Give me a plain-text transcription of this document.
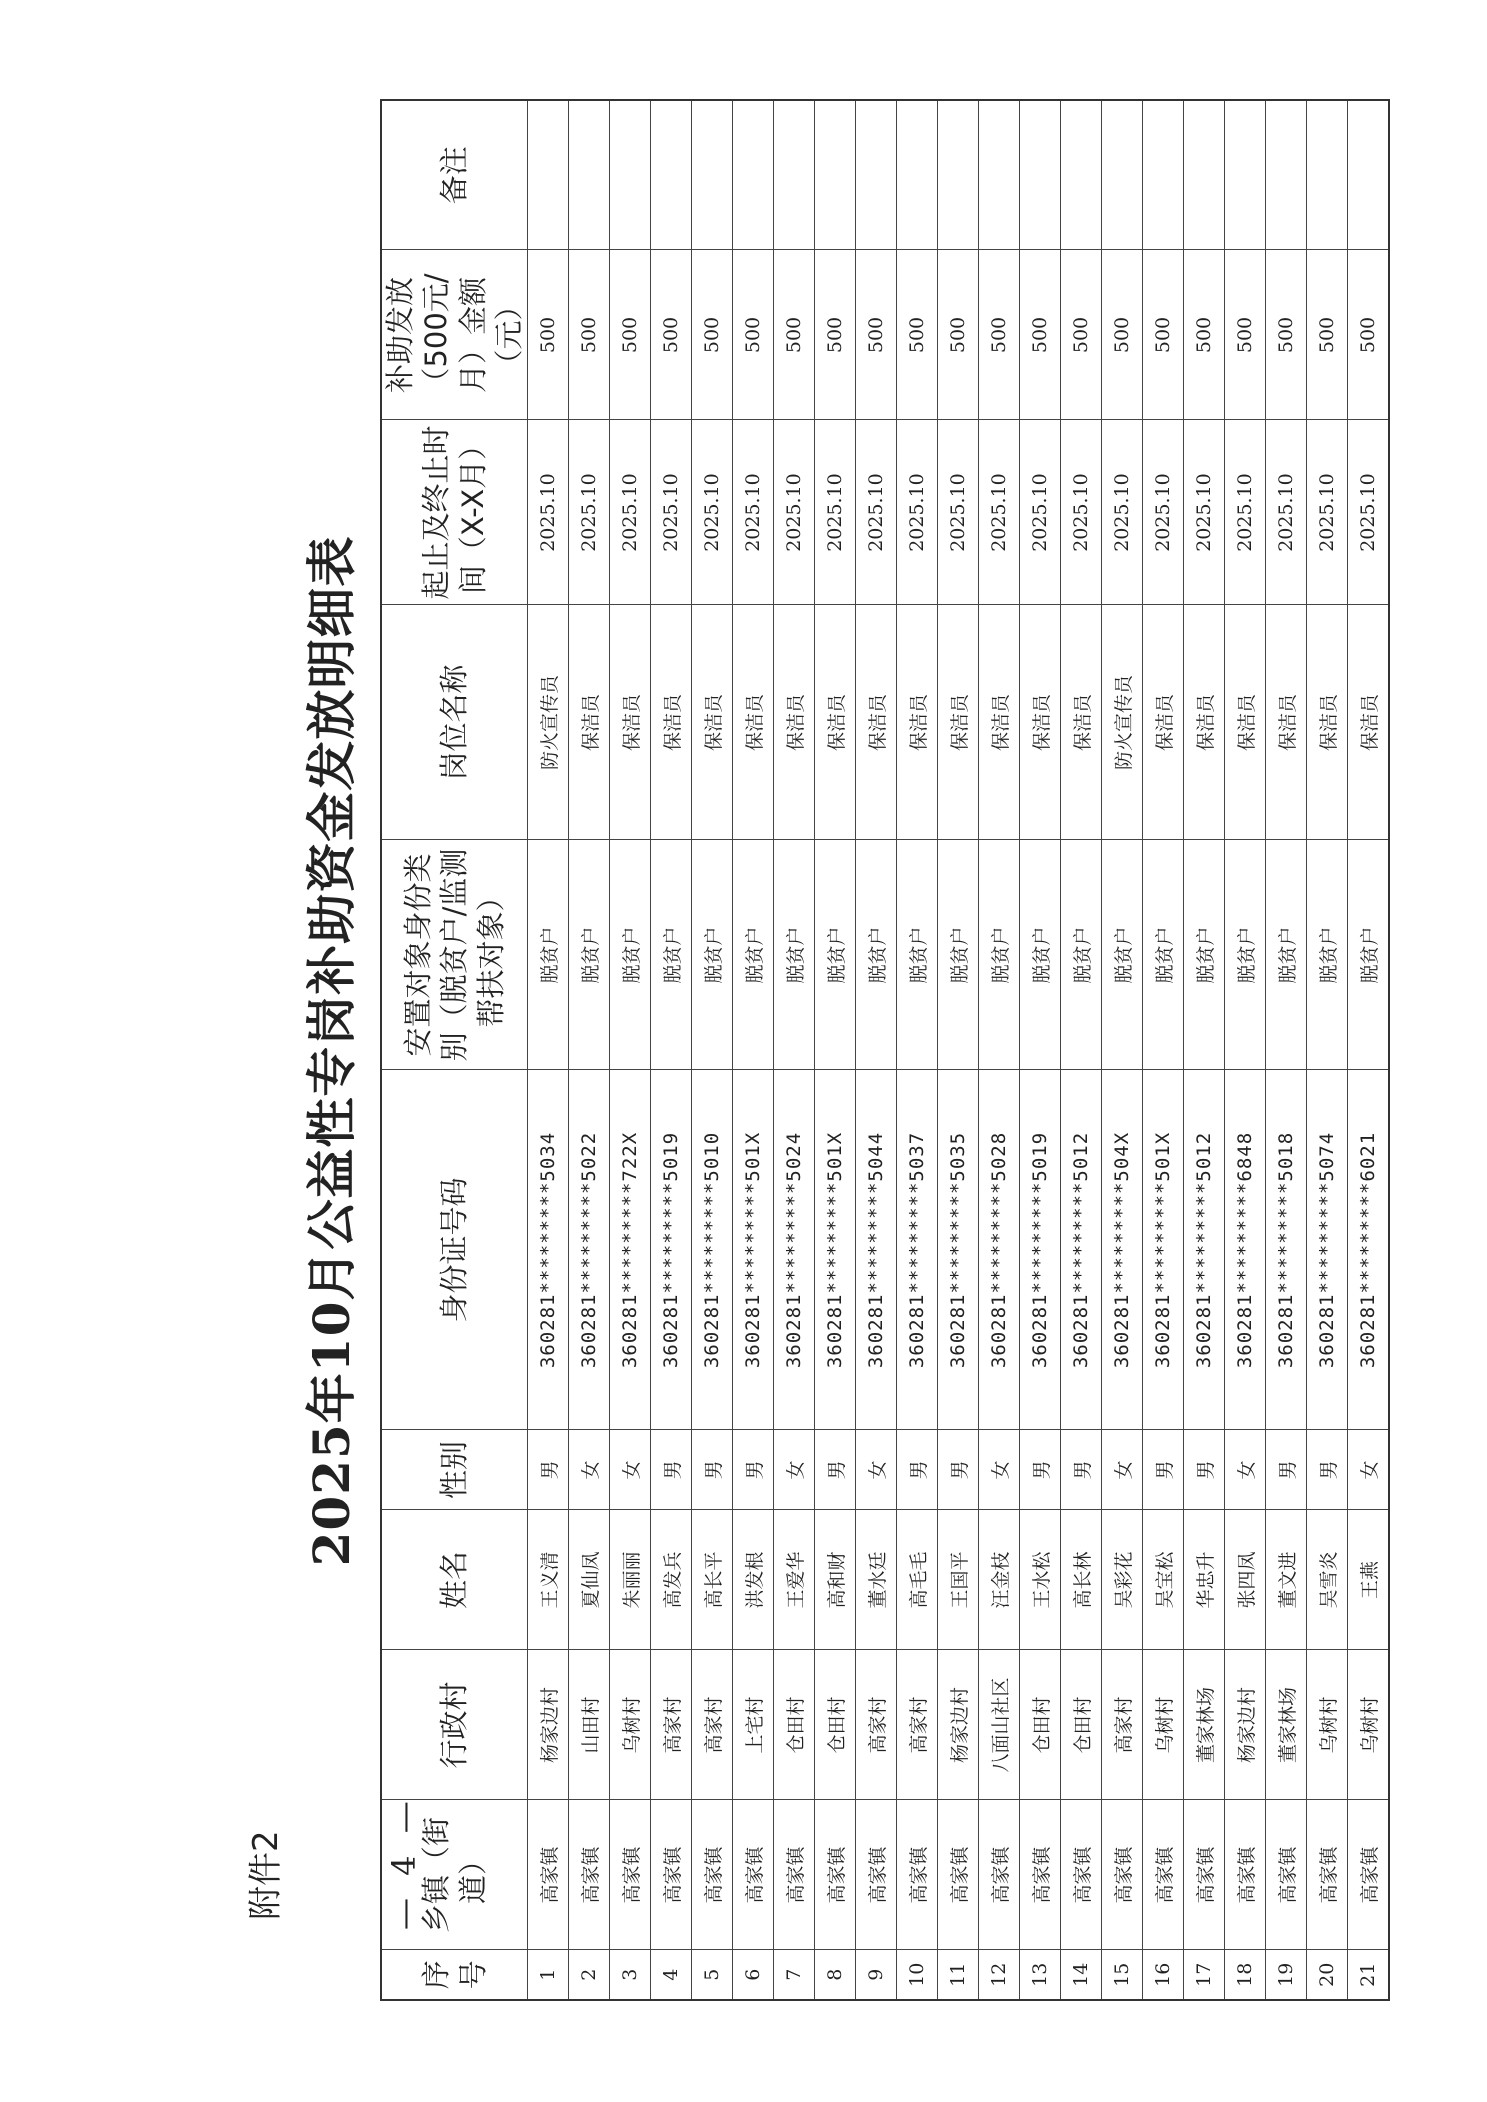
附件2
2025年10月公益性专岗补助资金发放明细表
序号	乡镇（街道）	行政村	姓名	性别	身份证号码	安置对象身份类别（脱贫户/监测帮扶对象）	岗位名称	起止及终止时间（X-X月）	补助发放（500元/月）金额（元）	备注
1	高家镇	杨家边村	王义清	男	360281*********5034	脱贫户	防火宣传员	2025.10	500	
2	高家镇	山田村	夏仙凤	女	360281*********5022	脱贫户	保洁员	2025.10	500	
3	高家镇	乌树村	朱丽丽	女	360281*********722X	脱贫户	保洁员	2025.10	500	
4	高家镇	高家村	高发兵	男	360281*********5019	脱贫户	保洁员	2025.10	500	
5	高家镇	高家村	高长平	男	360281*********5010	脱贫户	保洁员	2025.10	500	
6	高家镇	上宅村	洪发根	男	360281*********501X	脱贫户	保洁员	2025.10	500	
7	高家镇	仓田村	王爱华	女	360281*********5024	脱贫户	保洁员	2025.10	500	
8	高家镇	仓田村	高和财	男	360281*********501X	脱贫户	保洁员	2025.10	500	
9	高家镇	高家村	董水廷	女	360281*********5044	脱贫户	保洁员	2025.10	500	
10	高家镇	高家村	高毛毛	男	360281*********5037	脱贫户	保洁员	2025.10	500	
11	高家镇	杨家边村	王国平	男	360281*********5035	脱贫户	保洁员	2025.10	500	
12	高家镇	八面山社区	汪金枝	女	360281*********5028	脱贫户	保洁员	2025.10	500	
13	高家镇	仓田村	王水松	男	360281*********5019	脱贫户	保洁员	2025.10	500	
14	高家镇	仓田村	高长林	男	360281*********5012	脱贫户	保洁员	2025.10	500	
15	高家镇	高家村	吴彩花	女	360281*********504X	脱贫户	防火宣传员	2025.10	500	
16	高家镇	乌树村	吴宝松	男	360281*********501X	脱贫户	保洁员	2025.10	500	
17	高家镇	董家林场	华忠升	男	360281*********5012	脱贫户	保洁员	2025.10	500	
18	高家镇	杨家边村	张四凤	女	360281*********6848	脱贫户	保洁员	2025.10	500	
19	高家镇	董家林场	董文进	男	360281*********5018	脱贫户	保洁员	2025.10	500	
20	高家镇	乌树村	吴雪炎	男	360281*********5074	脱贫户	保洁员	2025.10	500	
21	高家镇	乌树村	王燕	女	360281*********6021	脱贫户	保洁员	2025.10	500	
— 4 —
